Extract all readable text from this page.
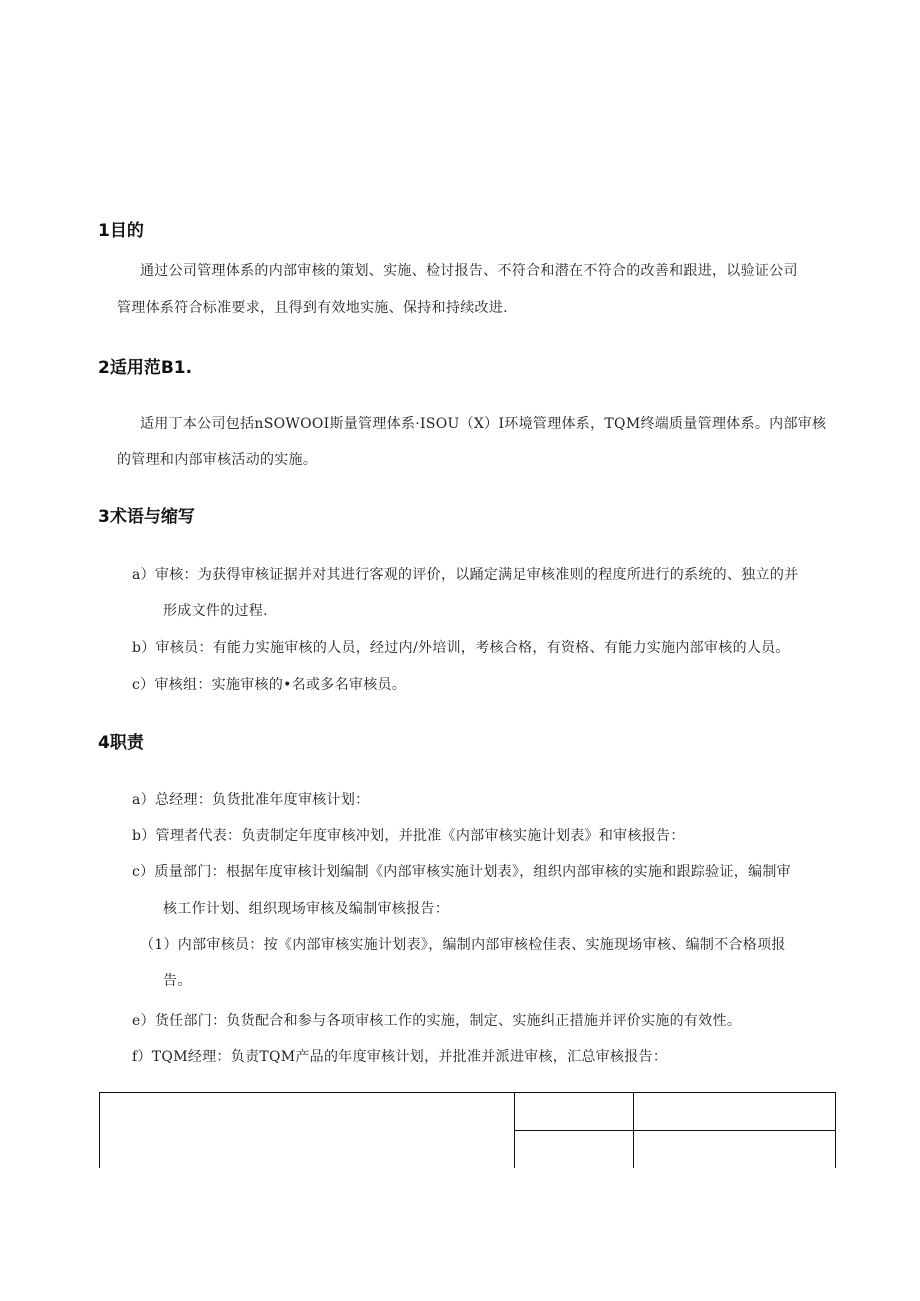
1目的
通过公司管理体系的内部审核的策划、实施、检讨报告、不符合和潜在不符合的改善和跟进，以验证公司
管理体系符合标准要求，且得到有效地实施、保持和持续改进.
2适用范B1.
适用丁本公司包括nSOWOOI斯量管理体系·ISOU（X）I环境管理体系，TQM终端质量管理体系。内部审核
的管理和内部审核活动的实施。
3术语与缩写
a）审核：为获得审核证据并对其进行客观的评价，以踊定满足审核准则的程度所进行的系统的、独立的并
形成文件的过程.
b）审核员：有能力实施审核的人员，经过内/外培训，考核合格，有资格、有能力实施内部审核的人员。
c）审核组：实施审核的•名或多名审核员。
4职责
a）总经理：负货批准年度审核计划：
b）管理者代表：负责制定年度审核冲划，并批准《内部审核实施计划表》和审核报告：
c）质量部门：根据年度审核计划编制《内部审核实施计划表》，组织内部审核的实施和跟踪验证，编制审
核工作计划、组织现场审核及编制审核报告：
（1）内部审核员：按《内部审核实施计划表》，编制内部审核检佳表、实施现场审核、编制不合格项报
告。
e）货任部门：负货配合和参与各项审核工作的实施，制定、实施纠正措施并评价实施的有效性。
f）TQM经理：负责TQM产品的年度审核计划，并批准并派进审核，汇总审核报告：
